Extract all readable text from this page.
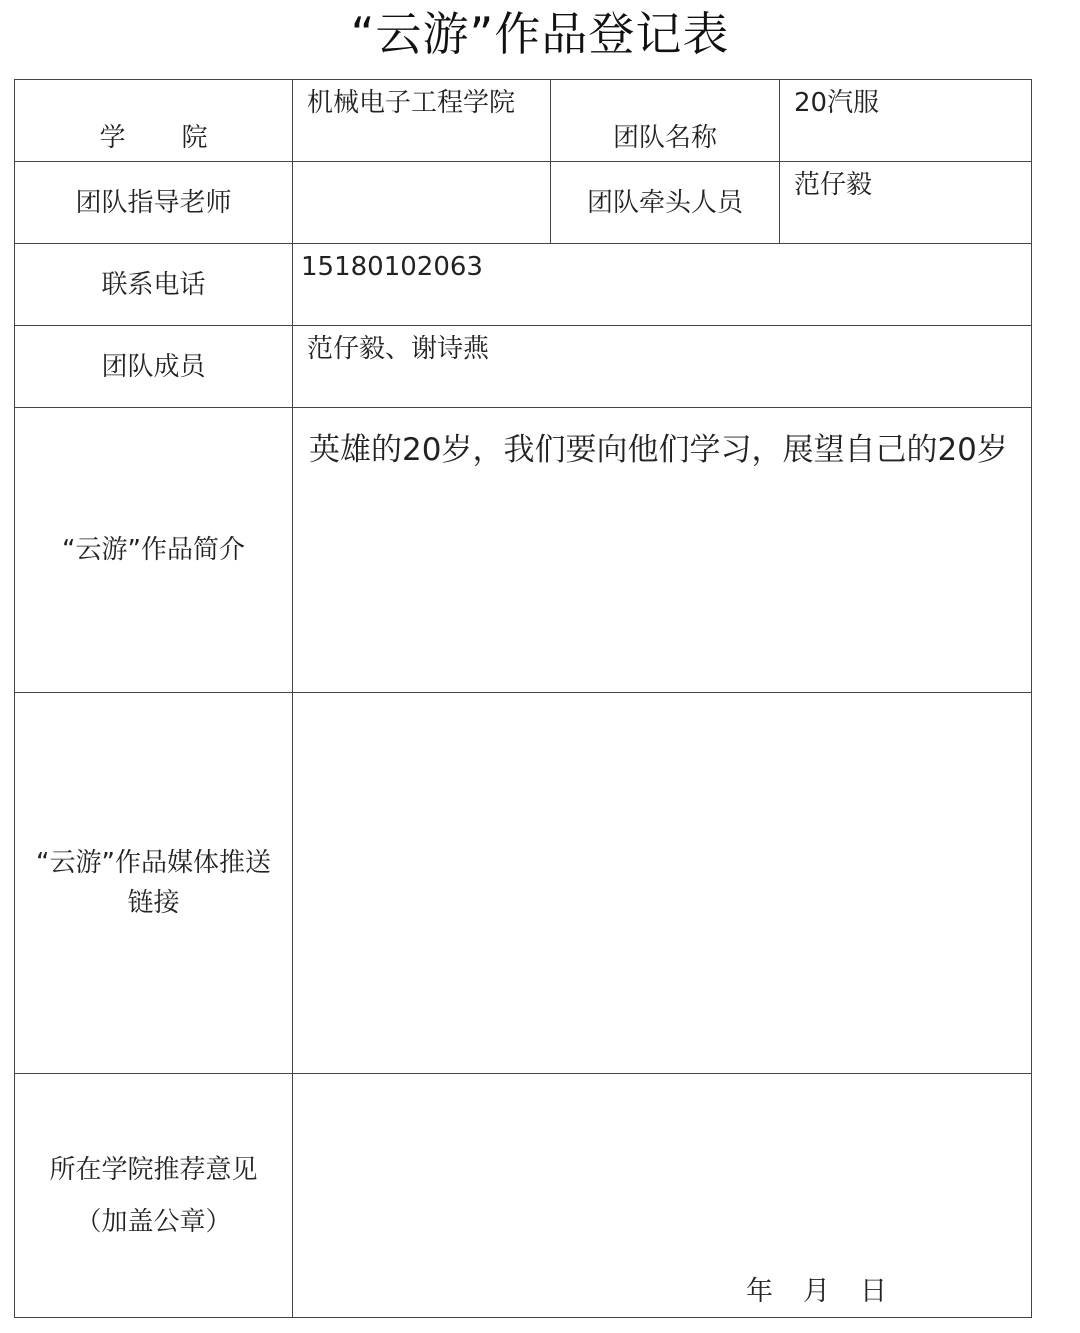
“云游”作品登记表
学 院	机械电子工程学院	团队名称	20汽服
团队指导老师		团队牵头人员	范仔毅
联系电话	15180102063		
团队成员	范仔毅、谢诗燕		
“云游”作品简介	英雄的20岁，我们要向他们学习，展望自己的20岁		

“云游”作品媒体推送
链接			

所在学院推荐意见
（加盖公章）	年 月 日		
